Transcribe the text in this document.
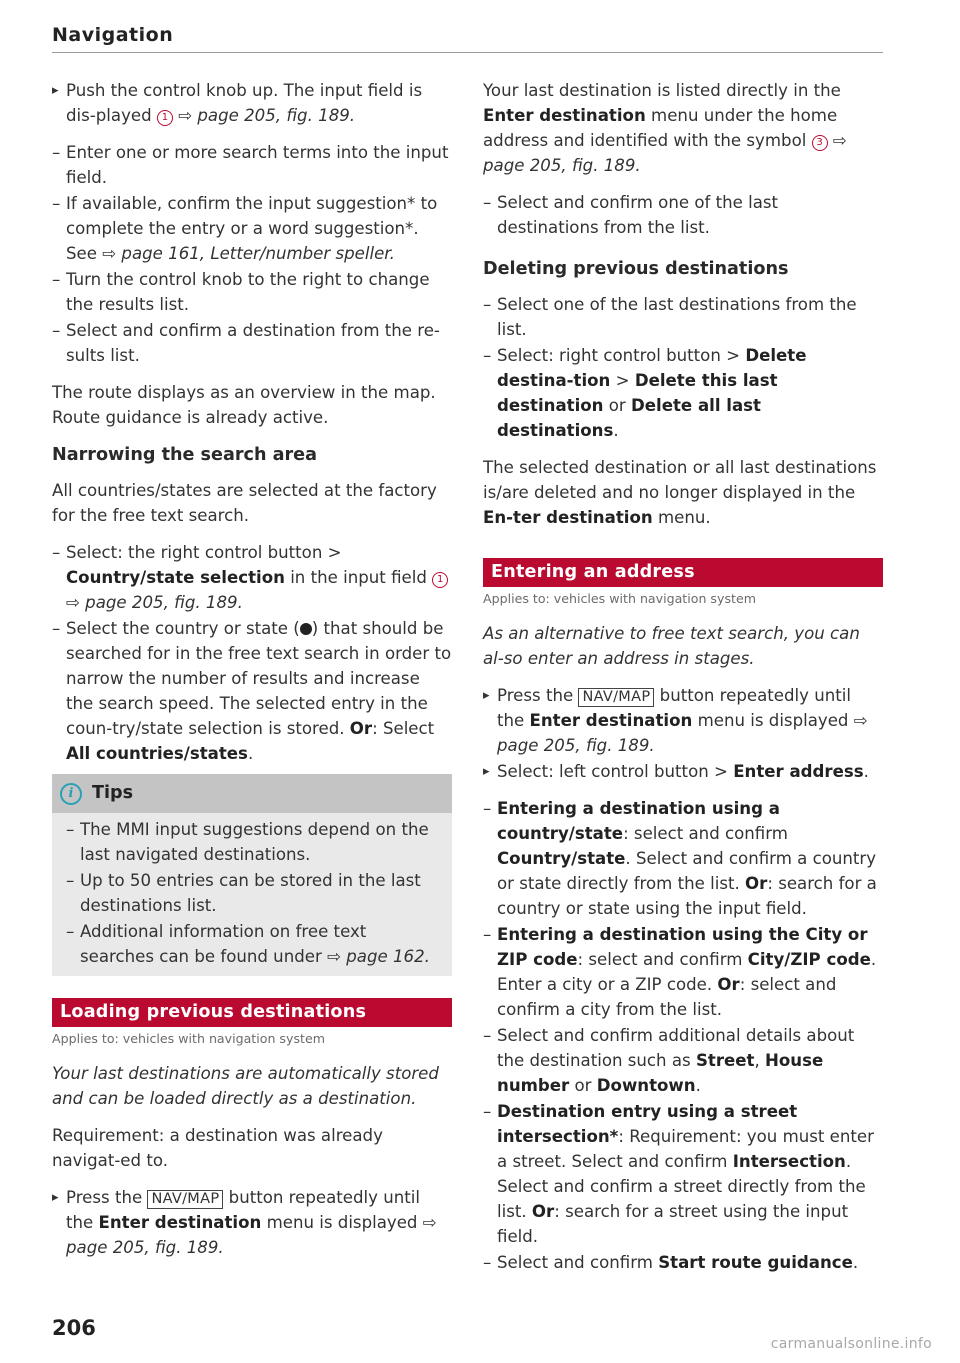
Navigation
▸ Push the control knob up. The input field is dis-played 1 ⇨ page 205, fig. 189.
– Enter one or more search terms into the input field.
– If available, confirm the input suggestion* to complete the entry or a word suggestion*. See ⇨ page 161, Letter/number speller.
– Turn the control knob to the right to change the results list.
– Select and confirm a destination from the re-sults list.

The route displays as an overview in the map. Route guidance is already active.

Narrowing the search area

All countries/states are selected at the factory for the free text search.

– Select: the right control button > Country/state selection in the input field 1 ⇨ page 205, fig. 189.
– Select the country or state ( ) that should be searched for in the free text search in order to narrow the number of results and increase the search speed. The selected entry in the coun-try/state selection is stored. Or: Select All countries/states.
i Tips
– The MMI input suggestions depend on the last navigated destinations.
– Up to 50 entries can be stored in the last destinations list.
– Additional information on free text searches can be found under ⇨ page 162.
Loading previous destinations
Applies to: vehicles with navigation system

Your last destinations are automatically stored and can be loaded directly as a destination.

Requirement: a destination was already navigat-ed to.

▸ Press the NAV/MAP button repeatedly until the Enter destination menu is displayed ⇨ page 205, fig. 189.

Your last destination is listed directly in the Enter destination menu under the home address and identified with the symbol 3 ⇨ page 205, fig. 189.

– Select and confirm one of the last destinations from the list.
Deleting previous destinations
– Select one of the last destinations from the list.
– Select: right control button > Delete destina-tion > Delete this last destination or Delete all last destinations.

The selected destination or all last destinations is/are deleted and no longer displayed in the En-ter destination menu.

Entering an address
Applies to: vehicles with navigation system

As an alternative to free text search, you can al-so enter an address in stages.

▸ Press the NAV/MAP button repeatedly until the Enter destination menu is displayed ⇨ page 205, fig. 189.
▸ Select: left control button > Enter address.
– Entering a destination using a country/state: select and confirm Country/state. Select and confirm a country or state directly from the list. Or: search for a country or state using the input field.
– Entering a destination using the City or ZIP code: select and confirm City/ZIP code. Enter a city or a ZIP code. Or: select and confirm a city from the list.
– Select and confirm additional details about the destination such as Street, House number or Downtown.
– Destination entry using a street intersection*: Requirement: you must enter a street. Select and confirm Intersection. Select and confirm a street directly from the list. Or: search for a street using the input field.
– Select and confirm Start route guidance.
206
carmanualsonline.info
